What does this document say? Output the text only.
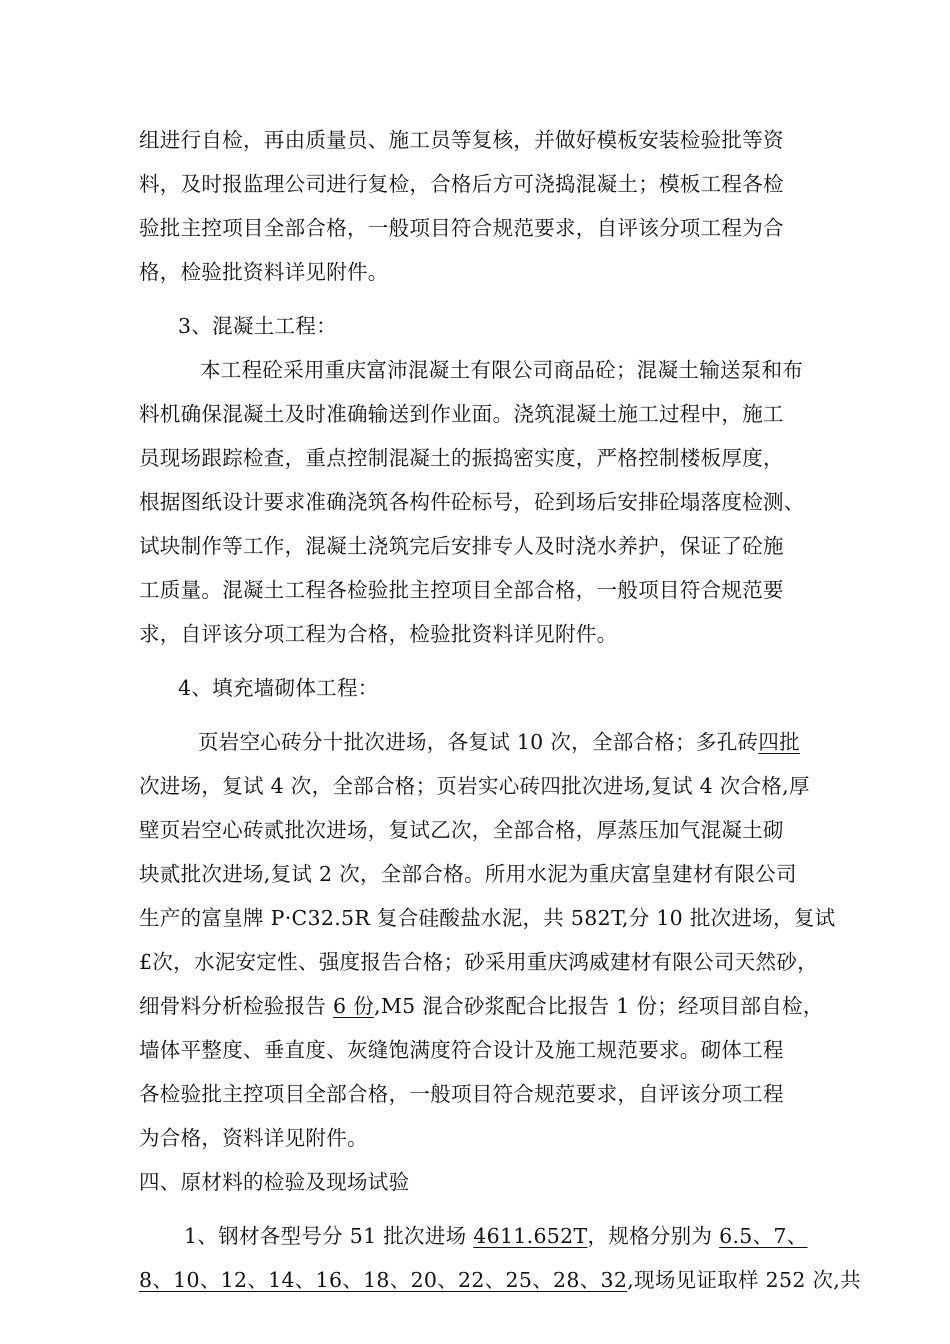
组进行自检，再由质量员、施工员等复核，并做好模板安装检验批等资

料，及时报监理公司进行复检，合格后方可浇捣混凝土；模板工程各检

验批主控项目全部合格，一般项目符合规范要求，自评该分项工程为合

格，检验批资料详见附件。

3、混凝土工程：

本工程砼采用重庆富沛混凝土有限公司商品砼；混凝土输送泵和布

料机确保混凝土及时准确输送到作业面。浇筑混凝土施工过程中，施工

员现场跟踪检查，重点控制混凝土的振捣密实度，严格控制楼板厚度，

根据图纸设计要求准确浇筑各构件砼标号，砼到场后安排砼塌落度检测、

试块制作等工作，混凝土浇筑完后安排专人及时浇水养护，保证了砼施

工质量。混凝土工程各检验批主控项目全部合格，一般项目符合规范要

求，自评该分项工程为合格，检验批资料详见附件。

4、填充墙砌体工程：

页岩空心砖分十批次进场，各复试 10 次，全部合格；多孔砖四批

次进场，复试 4 次，全部合格；页岩实心砖四批次进场,复试 4 次合格,厚

壁页岩空心砖贰批次进场，复试乙次，全部合格，厚蒸压加气混凝土砌

块贰批次进场,复试 2 次，全部合格。所用水泥为重庆富皇建材有限公司

生产的富皇牌 P·C32.5R 复合硅酸盐水泥，共 582T,分 10 批次进场，复试

£次，水泥安定性、强度报告合格；砂采用重庆鸿威建材有限公司天然砂，

细骨料分析检验报告 6 份,M5 混合砂浆配合比报告 1 份；经项目部自检，

墙体平整度、垂直度、灰缝饱满度符合设计及施工规范要求。砌体工程

各检验批主控项目全部合格，一般项目符合规范要求，自评该分项工程

为合格，资料详见附件。

四、原材料的检验及现场试验

1、钢材各型号分 51 批次进场 4611.652T，规格分别为 6.5、7、

8、10、12、14、16、18、20、22、25、28、32,现场见证取样 252 次,共
